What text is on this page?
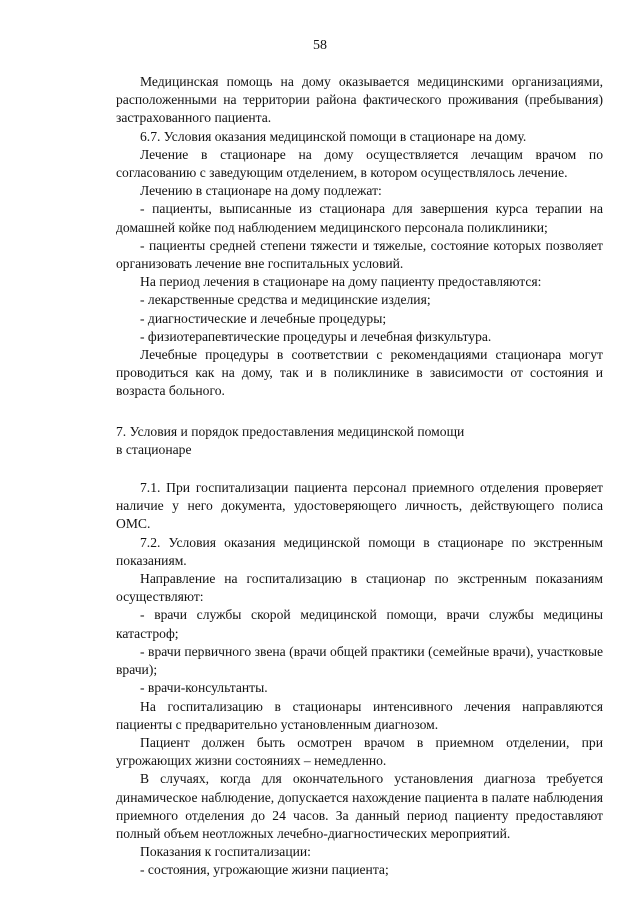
58

Медицинская помощь на дому оказывается медицинскими организациями, расположенными на территории района фактического проживания (пребывания) застрахованного пациента.

6.7. Условия оказания медицинской помощи в стационаре на дому.

Лечение в стационаре на дому осуществляется лечащим врачом по согласованию с заведующим отделением, в котором осуществлялось лечение.

Лечению в стационаре на дому подлежат:

- пациенты, выписанные из стационара для завершения курса терапии на домашней койке под наблюдением медицинского персонала поликлиники;

- пациенты средней степени тяжести и тяжелые, состояние которых позволяет организовать лечение вне госпитальных условий.

На период лечения в стационаре на дому пациенту предоставляются:

- лекарственные средства и медицинские изделия;

- диагностические и лечебные процедуры;

- физиотерапевтические процедуры и лечебная физкультура.

Лечебные процедуры в соответствии с рекомендациями стационара могут проводиться как на дому, так и в поликлинике в зависимости от состояния и возраста больного.

7. Условия и порядок предоставления медицинской помощи
в стационаре

7.1. При госпитализации пациента персонал приемного отделения проверяет наличие у него документа, удостоверяющего личность, действующего полиса ОМС.

7.2. Условия оказания медицинской помощи в стационаре по экстренным показаниям.

Направление на госпитализацию в стационар по экстренным показаниям осуществляют:

- врачи службы скорой медицинской помощи, врачи службы медицины катастроф;

- врачи первичного звена (врачи общей практики (семейные врачи), участковые врачи);

- врачи-консультанты.

На госпитализацию в стационары интенсивного лечения направляются пациенты с предварительно установленным диагнозом.

Пациент должен быть осмотрен врачом в приемном отделении, при угрожающих жизни состояниях – немедленно.

В случаях, когда для окончательного установления диагноза требуется динамическое наблюдение, допускается нахождение пациента в палате наблюдения приемного отделения до 24 часов. За данный период пациенту предоставляют полный объем неотложных лечебно-диагностических мероприятий.

Показания к госпитализации:

- состояния, угрожающие жизни пациента;
